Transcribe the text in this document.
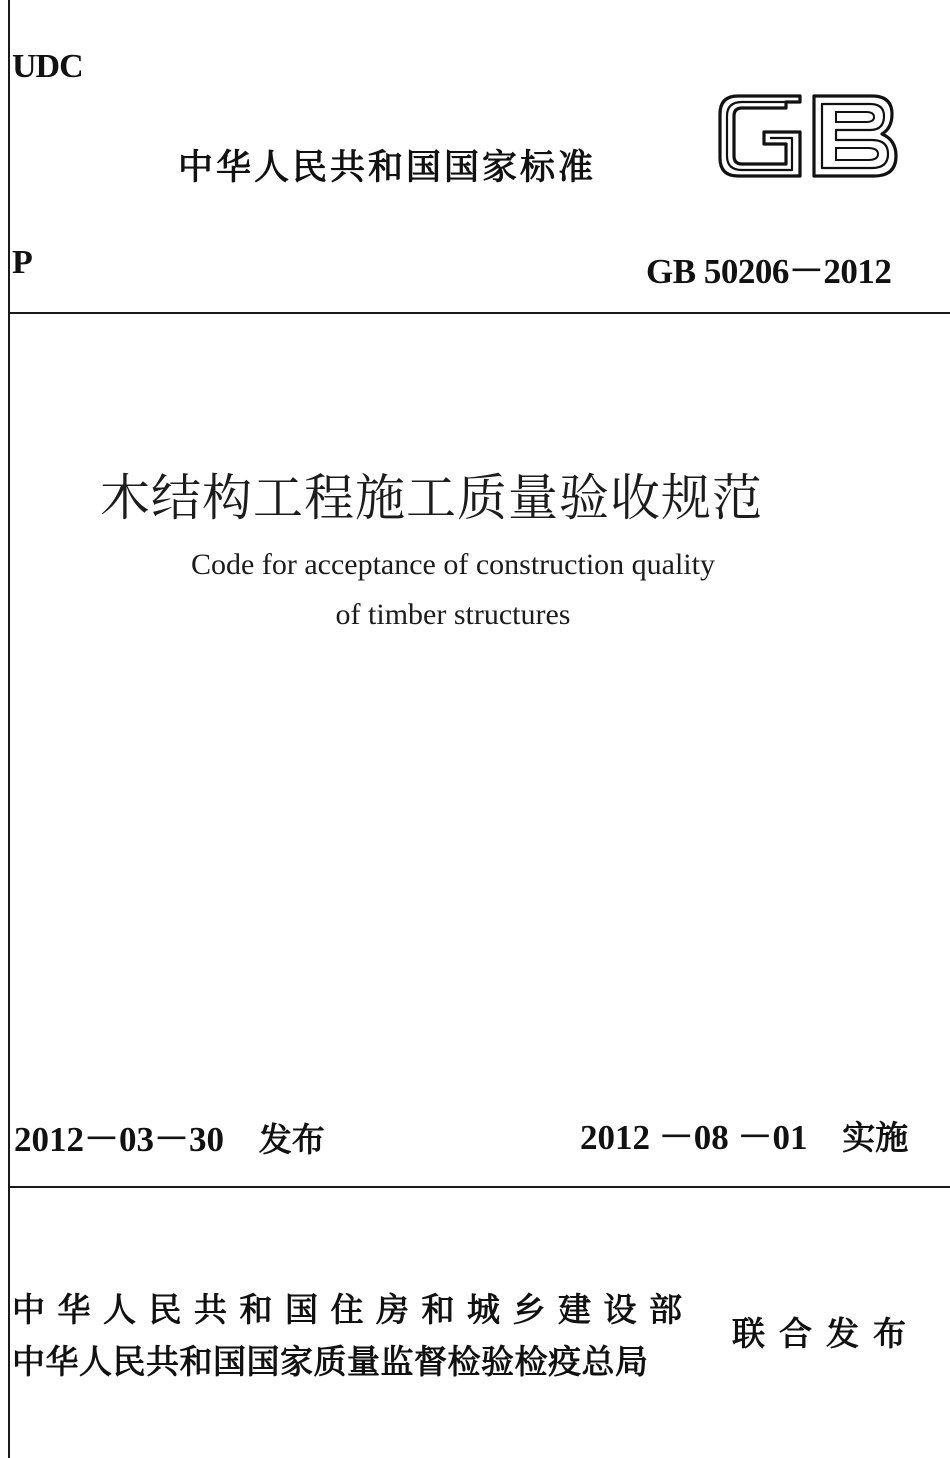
UDC
中华人民共和国国家标准
P	GB 50206－2012
木结构工程施工质量验收规范
Code for acceptance of construction quality
of timber structures
2012－03－30 发布	2012 －08 －01 实施
中华人民共和国住房和城乡建设部
中华人民共和国国家质量监督检验检疫总局
联合发布
